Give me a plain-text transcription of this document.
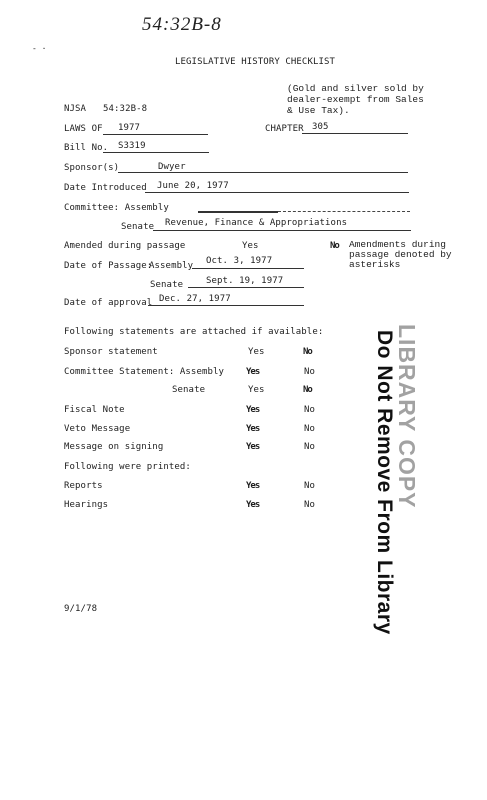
54:32B-8
- ·
LEGISLATIVE HISTORY CHECKLIST
(Gold and silver sold by
dealer-exempt from Sales
& Use Tax).
NJSA 54:32B-8
LAWS OF 1977	CHAPTER 305
Bill No. S3319
Sponsor(s)	Dwyer
Date Introduced June 20, 1977
Committee: Assembly
Senate Revenue, Finance & Appropriations
Amended during passage	Yes	No Amendments during
passage denoted by
asterisks
Date of Passage:
Assembly Oct. 3, 1977
Senate	Sept. 19, 1977
Date of approval Dec. 27, 1977
Following statements are attached if available:
Sponsor statement	Yes	No
Committee Statement: Assembly Yes	No
Senate	Yes	No
Fiscal Note	Yes	No
Veto Message	Yes	No
Message on signing	Yes	No
Following were printed:
Reports	Yes	No
Hearings	Yes	No	LIBRARY COPY
Do Not Remove From Library
9/1/78
